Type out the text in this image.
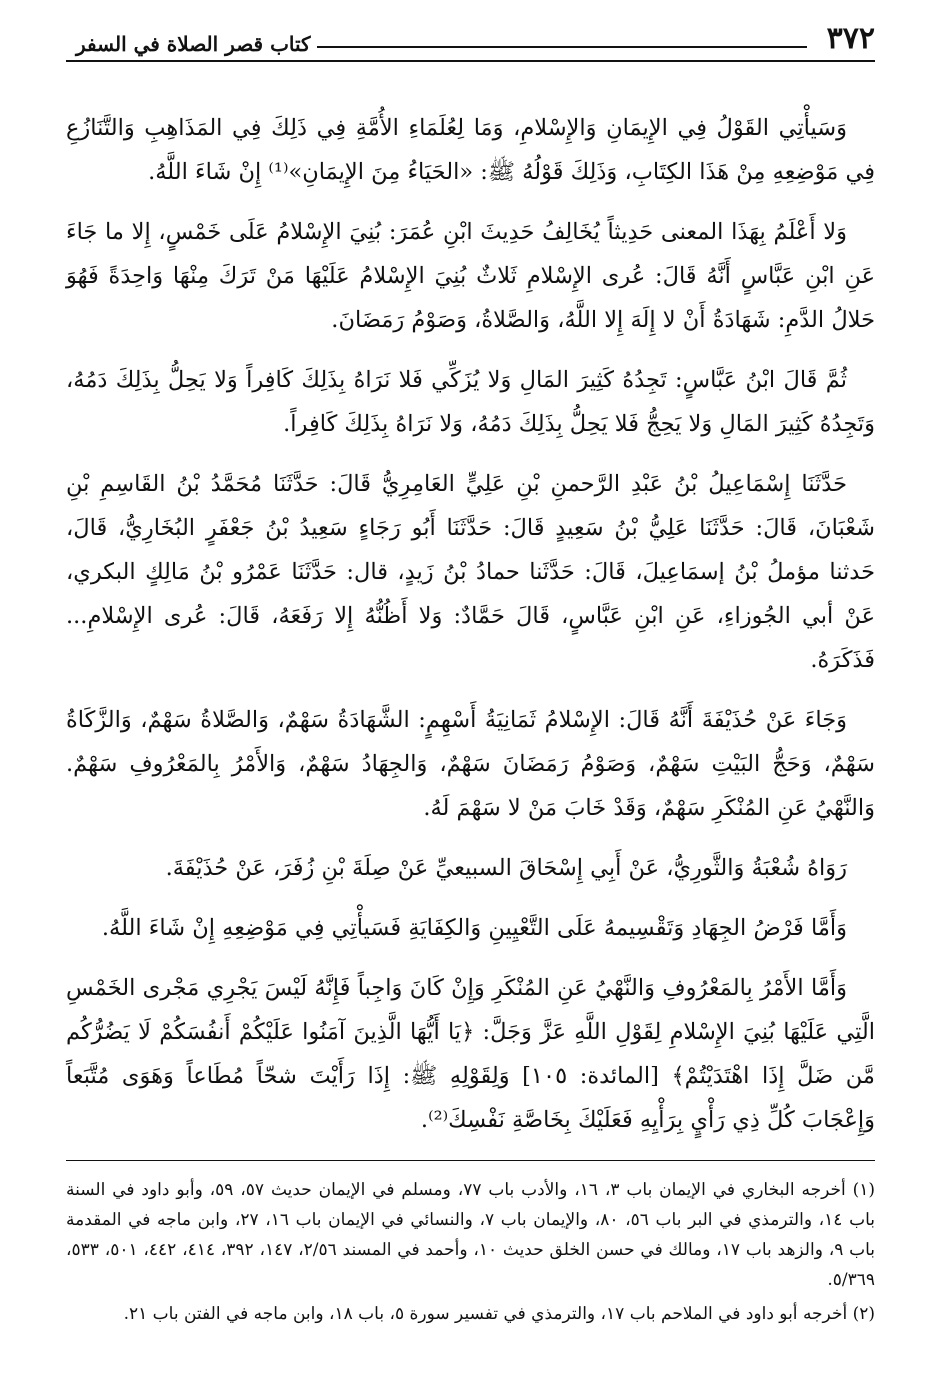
٣٧٢
كتاب قصر الصلاة في السفر

وَسَيأْتِي القَوْلُ فِي الإِيمَانِ وَالإِسْلامِ، وَمَا لِعُلَمَاءِ الأُمَّةِ فِي ذَلِكَ فِي المَذَاهِبِ وَالتَّنَازُعِ فِي مَوْضِعِهِ مِنْ هَذَا الكِتَابِ، وَذَلِكَ قَوْلُهُ ﷺ: «الحَيَاءُ مِنَ الإِيمَانِ»⁽¹⁾ إِنْ شَاءَ اللَّهُ.

وَلا أَعْلَمُ بِهَذَا المعنى حَدِيثاً يُخَالِفُ حَدِيثَ ابْنِ عُمَرَ: بُنِيَ الإِسْلامُ عَلَى خَمْسٍ، إِلا ما جَاءَ عَنِ ابْنِ عَبَّاسٍ أَنَّهُ قَالَ: عُرى الإِسْلامِ ثَلاثٌ بُنِيَ الإِسْلامُ عَلَيْهَا مَنْ تَرَكَ مِنْهَا وَاحِدَةً فَهُوَ حَلالُ الدَّمِ: شَهَادَةُ أَنْ لا إِلَهَ إِلا اللَّهُ، وَالصَّلاةُ، وَصَوْمُ رَمَضَانَ.

ثُمَّ قَالَ ابْنُ عَبَّاسٍ: تَجِدُهُ كَثِيرَ المَالِ وَلا يُزَكِّي فَلا نَرَاهُ بِذَلِكَ كَافِراً وَلا يَحِلُّ بِذَلِكَ دَمُهُ، وَتَجِدُهُ كَثِيرَ المَالِ وَلا يَحِجُّ فَلا يَحِلُّ بِذَلِكَ دَمُهُ، وَلا نَرَاهُ بِذَلِكَ كَافِراً.

حَدَّثَنَا إِسْمَاعِيلُ بْنُ عَبْدِ الرَّحمنِ بْنِ عَلِيٍّ العَامِرِيُّ قَالَ: حَدَّثَنَا مُحَمَّدُ بْنُ القَاسِمِ بْنِ شَعْبَانَ، قَالَ: حَدَّثَنَا عَلِيُّ بْنُ سَعِيدٍ قَالَ: حَدَّثَنَا أَبُو رَجَاءٍ سَعِيدُ بْنُ جَعْفَرٍ البُخَارِيُّ، قَالَ، حَدثنا مؤملُ بْنُ إسمَاعِيلَ، قَالَ: حَدَّثَنا حمادُ بْنُ زَيدٍ، قال: حَدَّثَنَا عَمْرُو بْنُ مَالِكٍ البكري، عَنْ أبي الجُوزاءِ، عَنِ ابْنِ عَبَّاسٍ، قَالَ حَمَّادٌ: وَلا أَظُنُّهُ إِلا رَفَعَهُ، قَالَ: عُرى الإِسْلامِ... فَذَكَرَهُ.

وَجَاءَ عَنْ حُذَيْفَةَ أَنَّهُ قَالَ: الإِسْلامُ ثَمَانِيَةُ أَسْهِمٍ: الشَّهَادَةُ سَهْمٌ، وَالصَّلاةُ سَهْمٌ، وَالزَّكَاةُ سَهْمٌ، وَحَجُّ البَيْتِ سَهْمٌ، وَصَوْمُ رَمَضَانَ سَهْمٌ، وَالجِهَادُ سَهْمٌ، وَالأَمْرُ بِالمَعْرُوفِ سَهْمٌ. وَالنَّهْيُ عَنِ المُنْكَرِ سَهْمٌ، وَقَدْ خَابَ مَنْ لا سَهْمَ لَهُ.

رَوَاهُ شُعْبَةُ وَالثَّورِيُّ، عَنْ أَبِي إِسْحَاقَ السبيعيِّ عَنْ صِلَةَ بْنِ زُفَرَ، عَنْ حُذَيْفَةَ.

وَأَمَّا فَرْضُ الجِهَادِ وَتَقْسِيمهُ عَلَى التَّعْيِينِ وَالكِفَايَةِ فَسَيأْتِي فِي مَوْضِعِهِ إِنْ شَاءَ اللَّهُ.

وَأَمَّا الأَمْرُ بِالمَعْرُوفِ وَالنَّهْيُ عَنِ المُنْكَرِ وَإِنْ كَانَ وَاجِباً فَإِنَّهُ لَيْسَ يَجْرِي مَجْرى الخَمْسِ الَّتِي عَلَيْهَا بُنِيَ الإِسْلامِ لِقَوْلِ اللَّهِ عَزَّ وَجَلَّ: ﴿يَا أَيُّهَا الَّذِينَ آمَنُوا عَلَيْكُمْ أَنفُسَكُمْ لَا يَضُرُّكُم مَّن ضَلَّ إِذَا اهْتَدَيْتُمْ﴾ [المائدة: ١٠٥] وَلِقَوْلِهِ ﷺ: إِذَا رَأَيْتَ شحّاً مُطَاعاً وَهَوَى مُتَّبَعاً وَإِعْجَابَ كُلِّ ذِي رَأْيٍ بِرَأْيِهِ فَعَلَيْكَ بِخَاصَّةِ نَفْسِكَ⁽²⁾.

(١) أخرجه البخاري في الإيمان باب ٣، ١٦، والأدب باب ٧٧، ومسلم في الإيمان حديث ٥٧، ٥٩، وأبو داود في السنة باب ١٤، والترمذي في البر باب ٥٦، ٨٠، والإيمان باب ٧، والنسائي في الإيمان باب ١٦، ٢٧، وابن ماجه في المقدمة باب ٩، والزهد باب ١٧، ومالك في حسن الخلق حديث ١٠، وأحمد في المسند ٢/٥٦، ١٤٧، ٣٩٢، ٤١٤، ٤٤٢، ٥٠١، ٥٣٣، ٥/٣٦٩.

(٢) أخرجه أبو داود في الملاحم باب ١٧، والترمذي في تفسير سورة ٥، باب ١٨، وابن ماجه في الفتن باب ٢١.
